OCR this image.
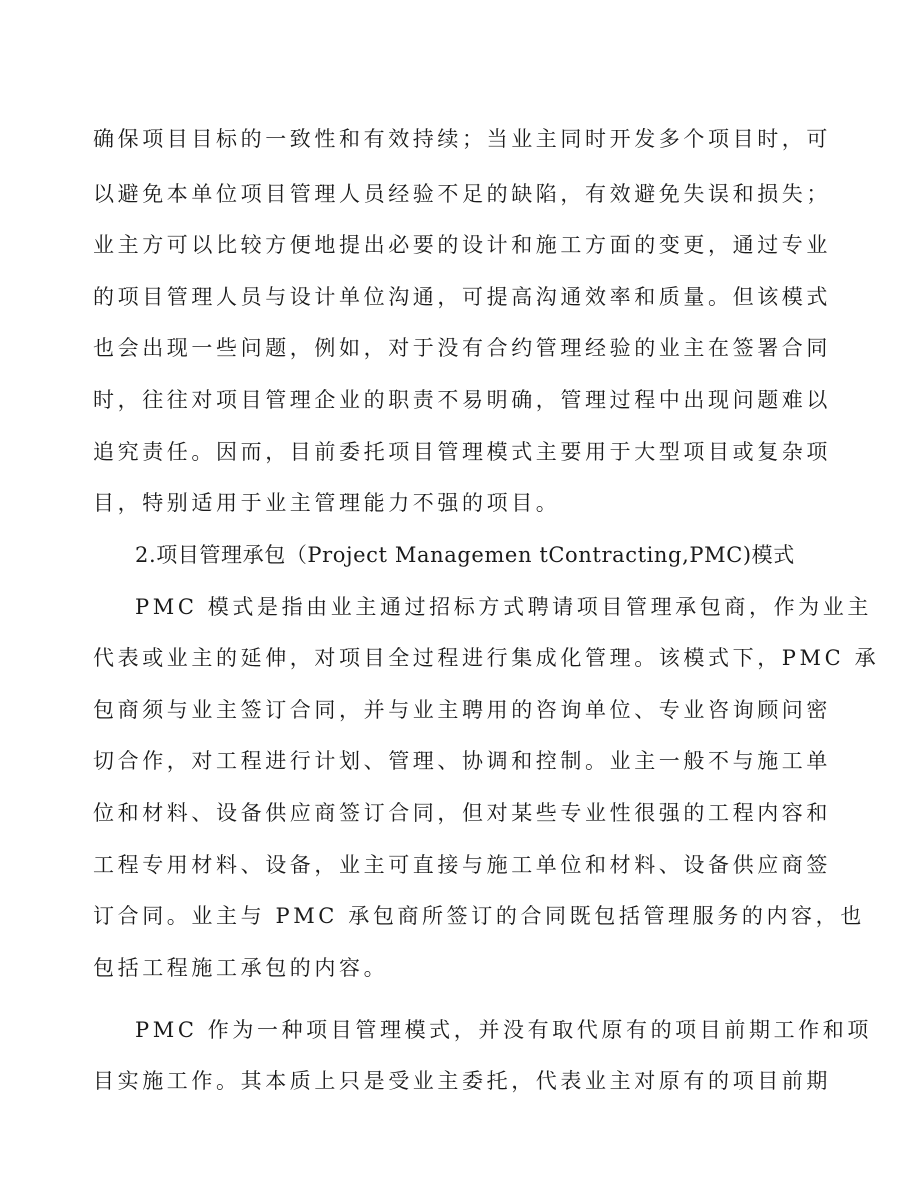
确保项目目标的一致性和有效持续；当业主同时开发多个项目时，可
以避免本单位项目管理人员经验不足的缺陷，有效避免失误和损失；
业主方可以比较方便地提出必要的设计和施工方面的变更，通过专业
的项目管理人员与设计单位沟通，可提高沟通效率和质量。但该模式
也会出现一些问题，例如，对于没有合约管理经验的业主在签署合同
时，往往对项目管理企业的职责不易明确，管理过程中出现问题难以
追究责任。因而，目前委托项目管理模式主要用于大型项目或复杂项
目，特别适用于业主管理能力不强的项目。
2.项目管理承包（Project Managemen tContracting,PMC)模式
PMC 模式是指由业主通过招标方式聘请项目管理承包商，作为业主
代表或业主的延伸，对项目全过程进行集成化管理。该模式下，PMC 承
包商须与业主签订合同，并与业主聘用的咨询单位、专业咨询顾问密
切合作，对工程进行计划、管理、协调和控制。业主一般不与施工单
位和材料、设备供应商签订合同，但对某些专业性很强的工程内容和
工程专用材料、设备，业主可直接与施工单位和材料、设备供应商签
订合同。业主与 PMC 承包商所签订的合同既包括管理服务的内容，也
包括工程施工承包的内容。
PMC 作为一种项目管理模式，并没有取代原有的项目前期工作和项
目实施工作。其本质上只是受业主委托，代表业主对原有的项目前期
